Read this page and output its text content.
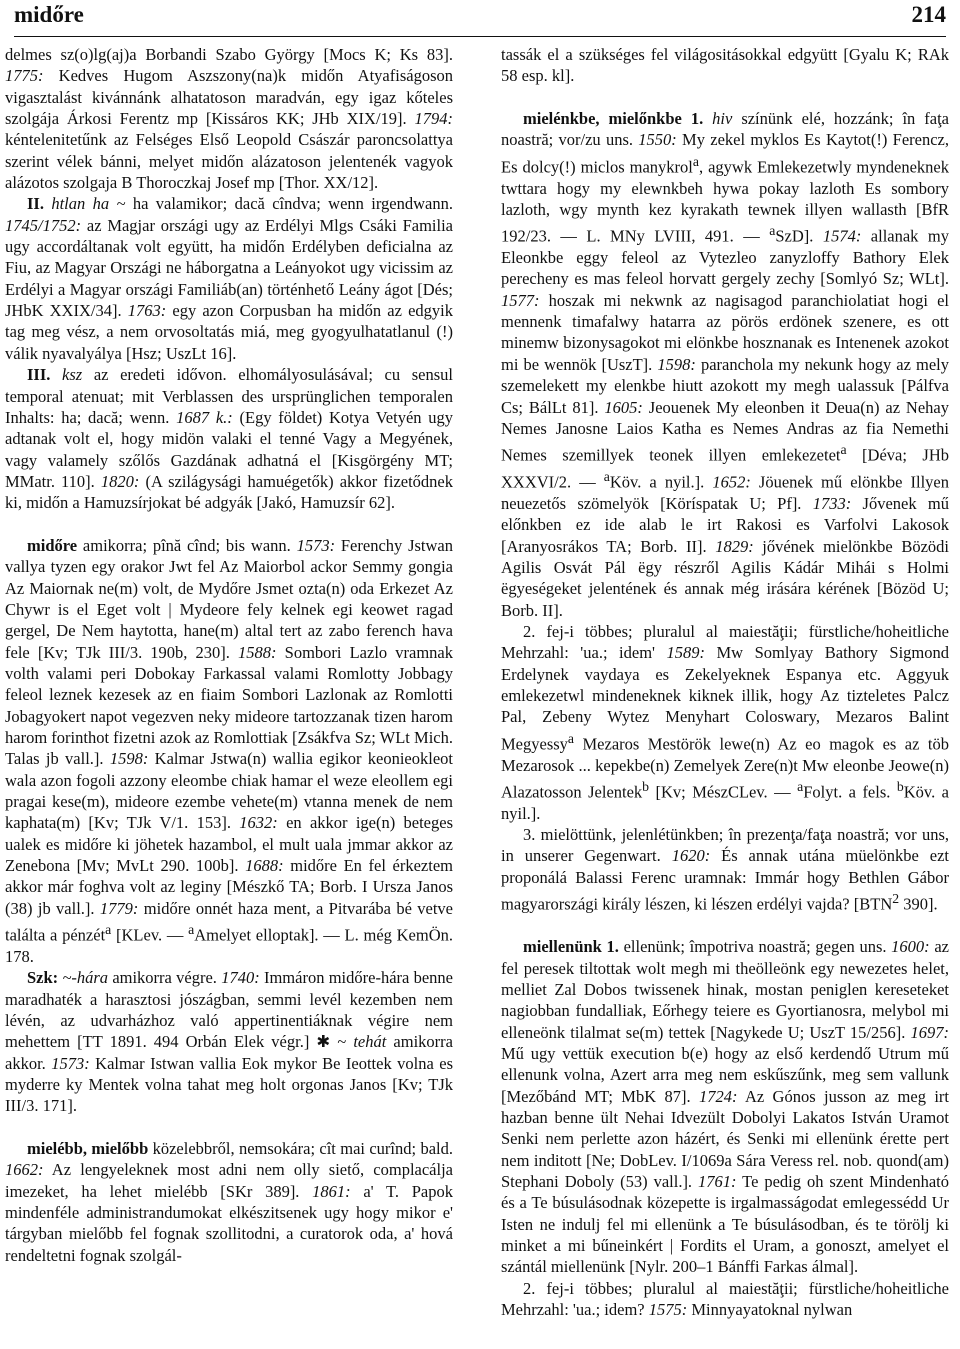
midőre	214

delmes sz(o)lg(aj)a Borbandi Szabo György [Mocs K; Ks 83]. 1775: Kedves Hugom Aszszony(na)k midőn Atyafiságoson vigasztalást kivánnánk alhatatoson maradván, egy igaz kőteles szolgája Árkosi Ferentz mp [Kissáros KK; JHb XIX/19]. 1794: kéntelenitetűnk az Felséges Első Leopold Császár paroncsolattya szerint vélek bánni, melyet midőn alázatoson jelentenék vagyok alázotos szolgaja B Thoroczkaj Josef mp [Thor. XX/12].

II. htlan ha ~ ha valamikor; dacă cîndva; wenn irgendwann. 1745/1752: az Magjar országi ugy az Erdélyi Mlgs Csáki Familia ugy accordáltanak volt együtt, ha midőn Erdélyben deficialna az Fiu, az Magyar Országi ne háborgatna a Leányokot ugy vicissim az Erdélyi a Magyar országi Familiáb(an) történhető Leány ágot [Dés; JHbK XXIX/34]. 1763: egy azon Corpusban ha midőn az edgyik tag meg vész, a nem orvosoltatás miá, meg gyogyulhatatlanul (!) válik nyavalyálya [Hsz; UszLt 16].

III. ksz az eredeti idővon. elhomályosulásával; cu sensul temporal atenuat; mit Verblassen des ursprünglichen temporalen Inhalts: ha; dacă; wenn. 1687 k.: (Egy földet) Kotya Vetyén ugy adtanak volt el, hogy midön valaki el tenné Vagy a Megyének, vagy valamely szőlős Gazdának adhatná el [Kisgörgény MT; MMatr. 110]. 1820: (A szilágysági hamuégetők) akkor fizetődnek ki, midőn a Hamuzsírjokat bé adgyák [Jakó, Hamuzsír 62].

midőre amikorra; pînă cînd; bis wann. 1573: Ferenchy Jstwan vallya tyzen egy orakor Jwt fel Az Maiorbol ackor Semmy gongia Az Maiornak ne(m) volt, de Mydőre Jsmet ozta(n) oda Erkezet Az Chywr is el Eget volt | Mydeore fely kelnek egi keowet ragad gergel, De Nem haytotta, hane(m) altal tert az zabo ferench hava fele [Kv; TJk III/3. 190b, 230]. 1588: Sombori Lazlo vramnak volth valami peri Dobokay Farkassal valami Romlotty Jobbagy feleol leznek kezesek az en fiaim Sombori Lazlonak az Romlotti Jobagyokert napot vegezven neky mideore tartozzanak tizen harom harom forinthot fizetni azok az Romlottiak [Zsákfva Sz; WLt Mich. Talas jb vall.]. 1598: Kalmar Jstwa(n) wallia egikor keonieokleot wala azon fogoli azzony eleombe chiak hamar el weze eleollem egi pragai kese(m), mideore ezembe vehete(m) vtanna menek de nem kaphata(m) [Kv; TJk V/1. 153]. 1632: en akkor ige(n) beteges ualek es midőre ki jöhetek hazambol, el mult uala jmmar akkor az Zenebona [Mv; MvLt 290. 100b]. 1688: midőre En fel érkeztem akkor már foghva volt az leginy [Mészkő TA; Borb. I Ursza Janos (38) jb vall.]. 1779: midőre onnét haza ment, a Pitvarába bé vetve találta a pénzét$^a$ [KLev. — $^a$Amelyet elloptak]. — L. még KemÖn. 178.

Szk: ~-hára amikorra végre. 1740: Immáron midőre-hára benne maradhaték a harasztosi jószágban, semmi levél kezemben nem lévén, az udvarházhoz való appertinentiáknak végire nem mehettem [TT 1891. 494 Orbán Elek végr.] ✱ ~ tehát amikorra akkor. 1573: Kalmar Istwan vallia Eok mykor Be Ieottek volna es myderre ky Mentek volna tahat meg holt orgonas Janos [Kv; TJk III/3. 171].

mielébb, mielőbb közelebbről, nemsokára; cît mai curînd; bald. 1662: Az lengyeleknek most adni nem olly siető, complacálja imezeket, ha lehet mielébb [SKr 389]. 1861: a' T. Papok mindenféle administrandumokat elkészitsenek ugy hogy mikor e' tárgyban mielőbb fel fognak szollitodni, a curatorok oda, a' hová rendeltetni fognak szolgál-

tassák el a szükséges fel világositásokkal edgyütt [Gyalu K; RAk 58 esp. kl].

mielénkbe, mielőnkbe 1. hiv színünk elé, hozzánk; în faţa noastră; vor/zu uns. 1550: My zekel myklos Es Kaytot(!) Ferencz, Es dolcy(!) miclos manykrol$^a$, agywk Emlekezetwly myndeneknek twttara hogy my elewnkbeh hywa pokay lazloth Es sombory lazloth, wgy mynth kez kyrakath tewnek illyen wallasth [BfR 192/23. — L. MNy LVIII, 491. — $^a$SzD]. 1574: allanak my Eleonkbe eggy feleol az Vytezleo zanyzloffy Bathory Elek perecheny es mas feleol horvatt gergely zechy [Somlyó Sz; WLt]. 1577: hoszak mi nekwnk az nagisagod paranchiolatiat hogi el mennenk timafalwy hatarra az pörös erdönek szenere, es ott minemw bizonysagokot mi elönkbe hosznanak es Intenenek azokot mi be wennök [UszT]. 1598: paranchola my nekunk hogy az mely szemelekett my elenkbe hiutt azokott my megh ualassuk [Pálfva Cs; BálLt 81]. 1605: Jeouenek My eleonben it Deua(n) az Nehay Nemes Janosne Laios Katha es Nemes Andras az fia Nemethi Nemes szemillyek teonek illyen emlekezetet$^a$ [Déva; JHb XXXVI/2. — $^a$Köv. a nyil.]. 1652: Jöuenek mű elönkbe Illyen neuezetős szömelyök [Köríspatak U; Pf]. 1733: Jővenek mű előnkben ez ide alab le irt Rakosi es Varfolvi Lakosok [Aranyosrákos TA; Borb. II]. 1829: jővének mielönkbe Bözödi Agilis Osvát Pál ëgy részről Agilis Kádár Mihái s Holmi ëgyeségeket jelentének és annak még irására kérének [Bözöd U; Borb. II].

2. fej-i többes; pluralul al maiestăţii; fürstliche/hoheitliche Mehrzahl: 'ua.; idem' 1589: Mw Somlyay Bathory Sigmond Erdelynek vaydaya es Zekelyeknek Espanya etc. Aggyuk emlekezetwl mindeneknek kiknek illik, hogy Az tizteletes Palcz Pal, Zebeny Wytez Menyhart Coloswary, Mezaros Balint Megyessy$^a$ Mezaros Mestörök lewe(n) Az eo magok es az töb Mezarosok ... kepekbe(n) Zemelyek Zere(n)t Mw eleonbe Jeowe(n) Alazatosson Jelentek$^b$ [Kv; MészCLev. — $^a$Folyt. a fels. $^b$Köv. a nyil.].

3. mielöttünk, jelenlétünkben; în prezenţa/faţa noastră; vor uns, in unserer Gegenwart. 1620: És annak utána müelönkbe ezt proponálá Balassi Ferenc uramnak: Immár hogy Bethlen Gábor magyarországi király lészen, ki lészen erdélyi vajda? [BTN$^2$ 390].

miellenünk 1. ellenünk; împotriva noastră; gegen uns. 1600: az fel peresek tiltottak wolt megh mi theölleönk egy newezetes helet, melliet Zal Dobos twissenek hinak, mostan peniglen kereseteket nagiobban fundalliak, Eőrhegy teiere es Gyortianosra, melybol mi elleneönk tilalmat se(m) tettek [Nagykede U; UszT 15/256]. 1697: Mű ugy vettük execution b(e) hogy az első kerdendő Utrum mű ellenunk volna, Azert arra meg nem eskűszűnk, meg sem vallunk [Mezőbánd MT; MbK 87]. 1724: Az Gónos jusson az meg irt hazban benne ült Nehai Idvezült Dobolyi Lakatos István Uramot Senki nem perlette azon házért, és Senki mi ellenünk érette pert nem inditott [Ne; DobLev. I/1069a Sára Veress rel. nob. quond(am) Stephani Doboly (53) vall.]. 1761: Te pedig oh szent Mindenható és a Te búsulásodnak közepette is irgalmasságodat emlegessédd Ur Isten ne indulj fel mi ellenünk a Te búsulásodban, és te törölj ki minket a mi bűneinkért | Fordits el Uram, a gonoszt, amelyet el szántál miellenünk [Nylr. 200–1 Bánffi Farkas álmal].

2. fej-i többes; pluralul al maiestăţii; fürstliche/hoheitliche Mehrzahl: 'ua.; idem? 1575: Minnyayatoknal nylwan
